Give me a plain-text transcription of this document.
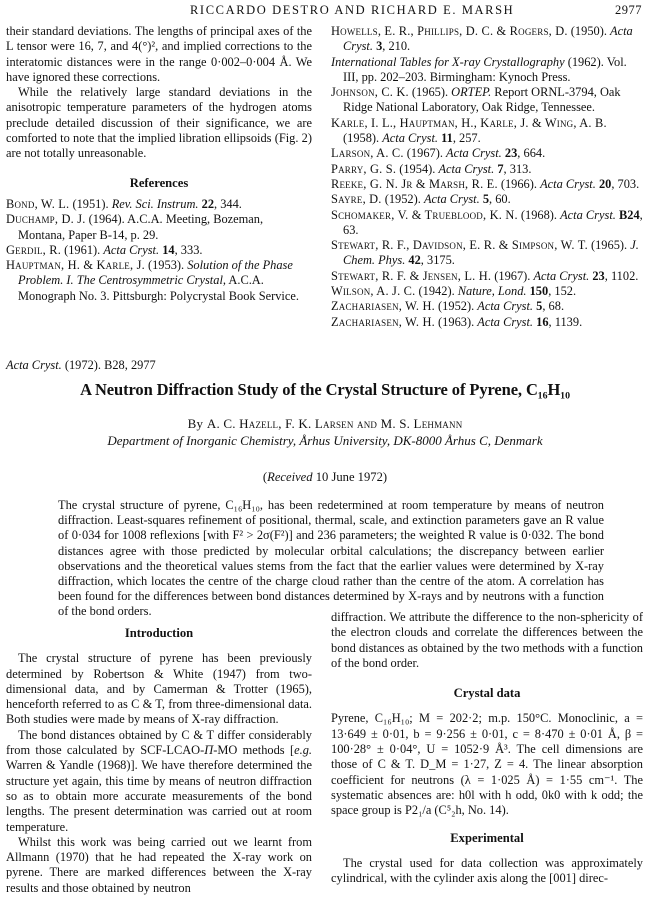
RICCARDO DESTRO AND RICHARD E. MARSH	2977

their standard deviations. The lengths of principal axes of the L tensor were 16, 7, and 4(°)², and implied corrections to the interatomic distances were in the range 0·002–0·004 Å. We have ignored these corrections.

While the relatively large standard deviations in the anisotropic temperature parameters of the hydrogen atoms preclude detailed discussion of their significance, we are comforted to note that the implied libration ellipsoids (Fig. 2) are not totally unreasonable.

References

Bond, W. L. (1951). Rev. Sci. Instrum. 22, 344.

Duchamp, D. J. (1964). A.C.A. Meeting, Bozeman, Montana, Paper B-14, p. 29.

Gerdil, R. (1961). Acta Cryst. 14, 333.

Hauptman, H. & Karle, J. (1953). Solution of the Phase Problem. I. The Centrosymmetric Crystal, A.C.A. Monograph No. 3. Pittsburgh: Polycrystal Book Service.

Howells, E. R., Phillips, D. C. & Rogers, D. (1950). Acta Cryst. 3, 210.

International Tables for X-ray Crystallography (1962). Vol. III, pp. 202–203. Birmingham: Kynoch Press.

Johnson, C. K. (1965). ORTEP. Report ORNL-3794, Oak Ridge National Laboratory, Oak Ridge, Tennessee.

Karle, I. L., Hauptman, H., Karle, J. & Wing, A. B. (1958). Acta Cryst. 11, 257.

Larson, A. C. (1967). Acta Cryst. 23, 664.

Parry, G. S. (1954). Acta Cryst. 7, 313.

Reeke, G. N. Jr & Marsh, R. E. (1966). Acta Cryst. 20, 703.

Sayre, D. (1952). Acta Cryst. 5, 60.

Schomaker, V. & Trueblood, K. N. (1968). Acta Cryst. B24, 63.

Stewart, R. F., Davidson, E. R. & Simpson, W. T. (1965). J. Chem. Phys. 42, 3175.

Stewart, R. F. & Jensen, L. H. (1967). Acta Cryst. 23, 1102.

Wilson, A. J. C. (1942). Nature, Lond. 150, 152.

Zachariasen, W. H. (1952). Acta Cryst. 5, 68.

Zachariasen, W. H. (1963). Acta Cryst. 16, 1139.

Acta Cryst. (1972). B28, 2977
A Neutron Diffraction Study of the Crystal Structure of Pyrene, C₁₆H₁₀
By A. C. Hazell, F. K. Larsen and M. S. Lehmann
Department of Inorganic Chemistry, Århus University, DK-8000 Århus C, Denmark
(Received 10 June 1972)

The crystal structure of pyrene, C₁₆H₁₀, has been redetermined at room temperature by means of neutron diffraction. Least-squares refinement of positional, thermal, scale, and extinction parameters gave an R value of 0·034 for 1008 reflexions [with F² > 2σ(F²)] and 236 parameters; the weighted R value is 0·032. The bond distances agree with those predicted by molecular orbital calculations; the discrepancy between earlier observations and the theoretical values stems from the fact that the earlier values were determined by X-ray diffraction, which locates the centre of the charge cloud rather than the centre of the atom. A correlation has been found for the differences between bond distances determined by X-rays and by neutrons with a function of the bond orders.

Introduction

The crystal structure of pyrene has been previously determined by Robertson & White (1947) from two-dimensional data, and by Camerman & Trotter (1965), henceforth referred to as C & T, from three-dimensional data. Both studies were made by means of X-ray diffraction.

The bond distances obtained by C & T differ considerably from those calculated by SCF-LCAO-Π-MO methods [e.g. Warren & Yandle (1968)]. We have therefore determined the structure yet again, this time by means of neutron diffraction so as to obtain more accurate measurements of the bond lengths. The present determination was carried out at room temperature.

Whilst this work was being carried out we learnt from Allmann (1970) that he had repeated the X-ray work on pyrene. There are marked differences between the X-ray results and those obtained by neutron

diffraction. We attribute the difference to the non-sphericity of the electron clouds and correlate the differences between the bond distances as obtained by the two methods with a function of the bond order.

Crystal data

Pyrene, C₁₆H₁₀; M = 202·2; m.p. 150°C. Monoclinic, a = 13·649 ± 0·01, b = 9·256 ± 0·01, c = 8·470 ± 0·01 Å, β = 100·28° ± 0·04°, U = 1052·9 Å³. The cell dimensions are those of C & T. D_M = 1·27, Z = 4. The linear absorption coefficient for neutrons (λ = 1·025 Å) = 1·55 cm⁻¹. The systematic absences are: h0l with h odd, 0k0 with k odd; the space group is P2₁/a (C⁵₂h, No. 14).

Experimental

The crystal used for data collection was approximately cylindrical, with the cylinder axis along the [001] direc-
